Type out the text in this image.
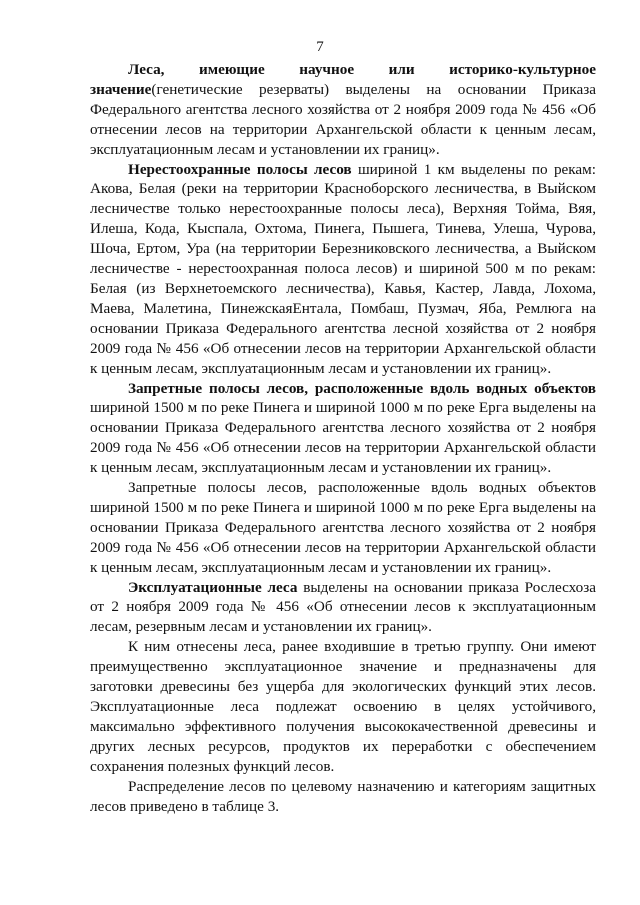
7

Леса, имеющие научное или историко-культурное значение(генетические резерваты) выделены на основании Приказа Федерального агентства лесного хозяйства от 2 ноября 2009 года № 456 «Об отнесении лесов на территории Архангельской области к ценным лесам, эксплуатационным лесам и установлении их границ».

Нерестоохранные полосы лесов шириной 1 км выделены по рекам: Акова, Белая (реки на территории Красноборского лесничества, в Выйском лесничестве только нерестоохранные полосы леса), Верхняя Тойма, Вяя, Илеша, Кода, Кыспала, Охтома, Пинега, Пышега, Тинева, Улеша, Чурова, Шоча, Ертом, Ура (на территории Березниковского лесничества, а Выйском лесничестве - нерестоохранная полоса лесов) и шириной 500 м по рекам: Белая (из Верхнетоемского лесничества), Кавья, Кастер, Лавда, Лохома, Маева, Малетина, ПинежскаяЕнтала, Помбаш, Пузмач, Яба, Ремлюга на основании Приказа Федерального агентства лесной хозяйства от 2 ноября 2009 года № 456 «Об отнесении лесов на территории Архангельской области к ценным лесам, эксплуатационным лесам и установлении их границ».

Запретные полосы лесов, расположенные вдоль водных объектов шириной 1500 м по реке Пинега и шириной 1000 м по реке Ерга выделены на основании Приказа Федерального агентства лесного хозяйства от 2 ноября 2009 года № 456 «Об отнесении лесов на территории Архангельской области к ценным лесам, эксплуатационным лесам и установлении их границ».

Запретные полосы лесов, расположенные вдоль водных объектов шириной 1500 м по реке Пинега и шириной 1000 м по реке Ерга выделены на основании Приказа Федерального агентства лесного хозяйства от 2 ноября 2009 года № 456 «Об отнесении лесов на территории Архангельской области к ценным лесам, эксплуатационным лесам и установлении их границ».

Эксплуатационные леса выделены на основании приказа Рослесхоза от 2 ноября 2009 года № 456 «Об отнесении лесов к эксплуатационным лесам, резервным лесам и установлении их границ».

К ним отнесены леса, ранее входившие в третью группу. Они имеют преимущественно эксплуатационное значение и предназначены для заготовки древесины без ущерба для экологических функций этих лесов. Эксплуатационные леса подлежат освоению в целях устойчивого, максимально эффективного получения высококачественной древесины и других лесных ресурсов, продуктов их переработки с обеспечением сохранения полезных функций лесов.

Распределение лесов по целевому назначению и категориям защитных лесов приведено в таблице 3.
